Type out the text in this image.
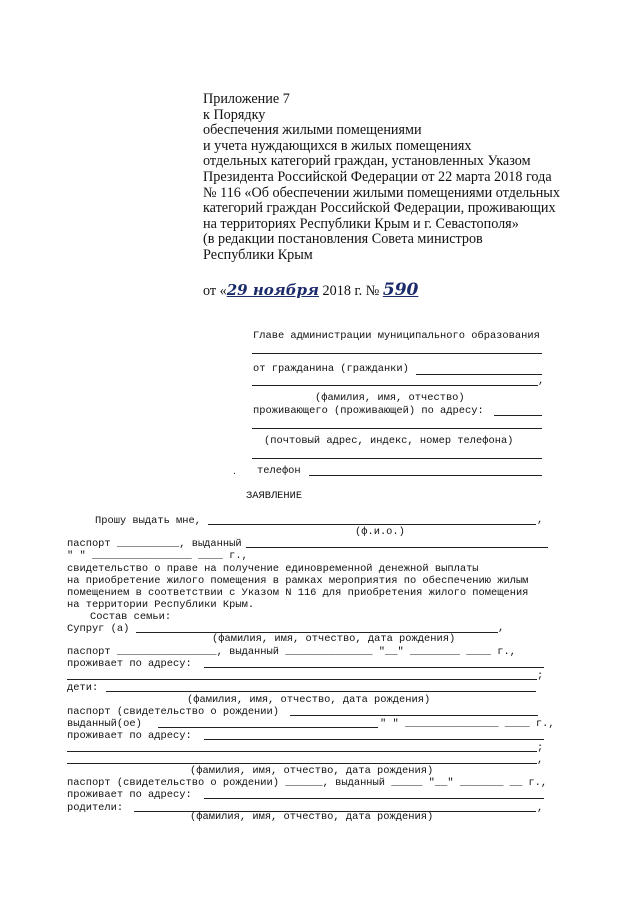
Приложение 7
к Порядку
обеспечения жилыми помещениями
и учета нуждающихся в жилых помещениях
отдельных категорий граждан, установленных Указом
Президента Российской Федерации от 22 марта 2018 года
№ 116 «Об обеспечении жилыми помещениями отдельных
категорий граждан Российской Федерации, проживающих
на территориях Республики Крым и г. Севастополя»
(в редакции постановления Совета министров
Республики Крым
от «29 ноября 2018 г. № 590
Главе администрации муниципального образования
от гражданина (гражданки)
,
(фамилия, имя, отчество)
проживающего (проживающей) по адресу:
(почтовый адрес, индекс, номер телефона)
телефон
.
ЗАЯВЛЕНИЕ
Прошу выдать мне,	,
(ф.и.о.)
паспорт __________, выданный
" " ________________ ____ г.,
свидетельство о праве на получение единовременной денежной выплаты
на приобретение жилого помещения в рамках мероприятия по обеспечению жилым
помещением в соответствии с Указом N 116 для приобретения жилого помещения
на территории Республики Крым.
Состав семьи:
Супруг (а)	,
(фамилия, имя, отчество, дата рождения)
паспорт ________________, выданный ______________ "__" ________ ____ г.,
проживает по адресу:
;
дети:
(фамилия, имя, отчество, дата рождения)
паспорт (свидетельство о рождении)
выданный(ое)	" " _______________ ____ г.,
проживает по адресу:
;
,
(фамилия, имя, отчество, дата рождения)
паспорт (свидетельство о рождении) ______, выданный _____ "__" _______ __ г.,
проживает по адресу:
родители:	,
(фамилия, имя, отчество, дата рождения)
